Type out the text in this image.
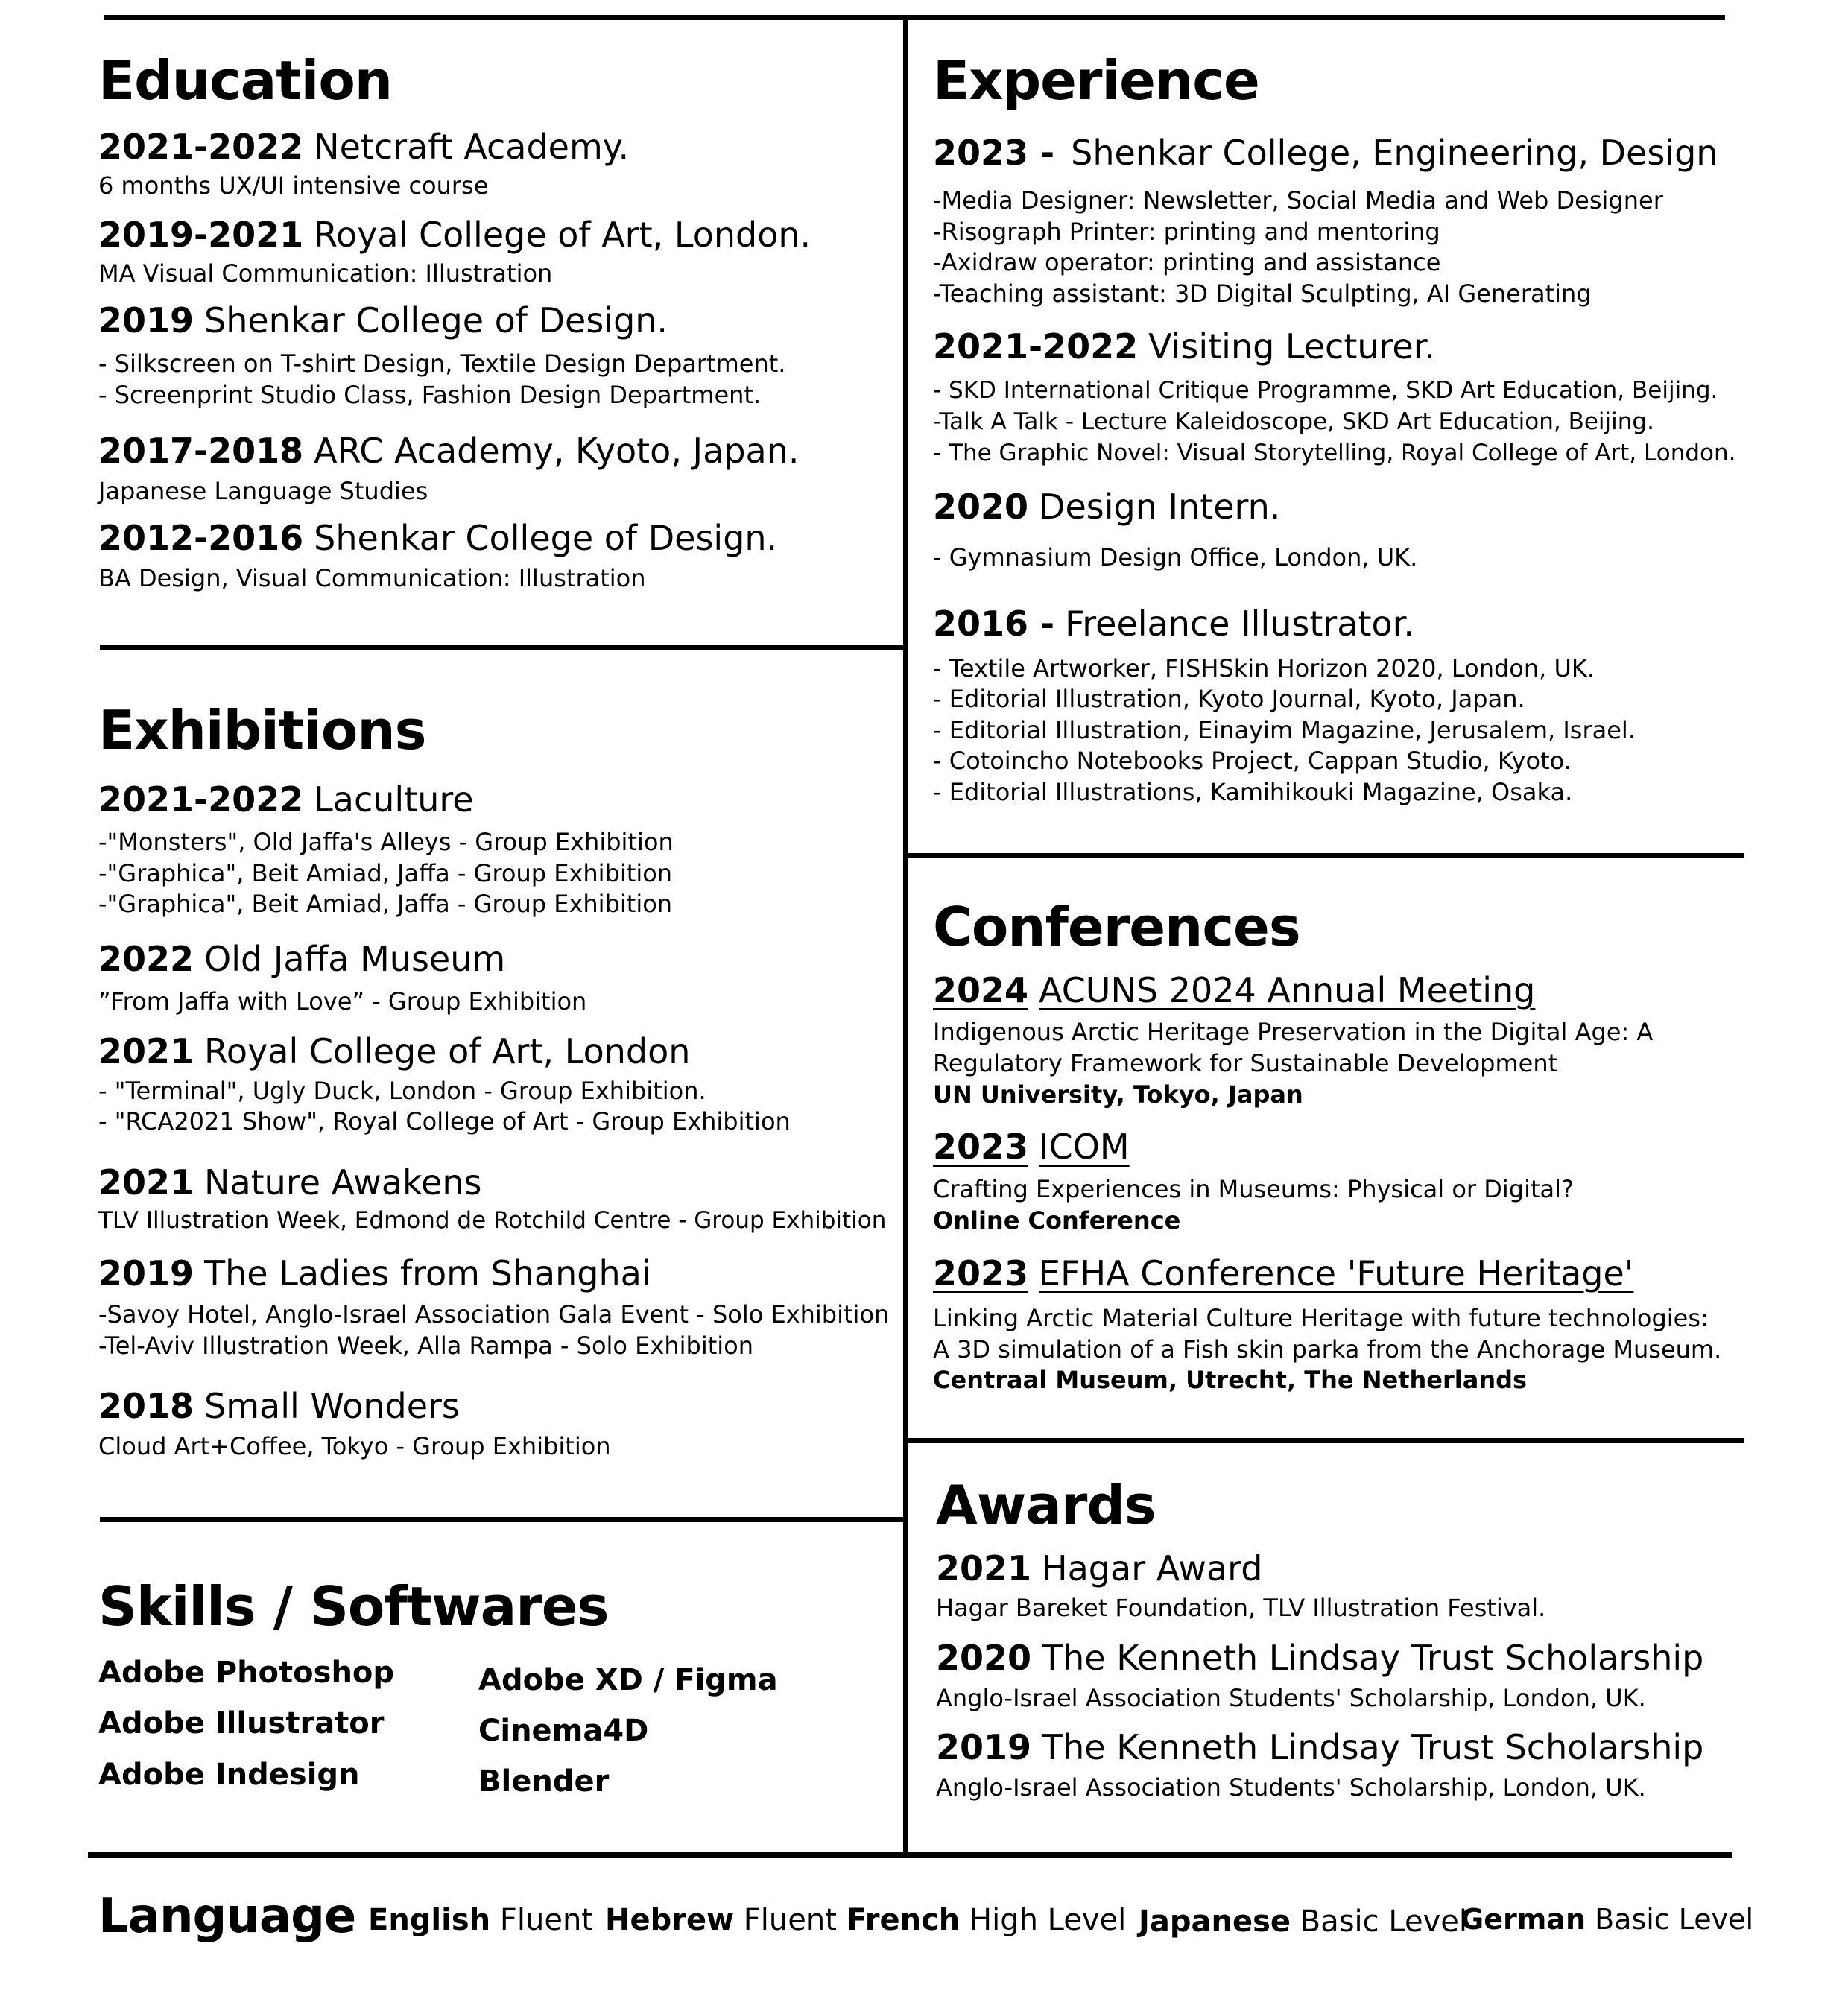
Education
2021-2022 Netcraft Academy.
6 months UX/UI intensive course
2019-2021 Royal College of Art, London.
MA Visual Communication: Illustration
2019 Shenkar College of Design.
- Silkscreen on T-shirt Design, Textile Design Department.
- Screenprint Studio Class, Fashion Design Department.
2017-2018 ARC Academy, Kyoto, Japan.
Japanese Language Studies
2012-2016 Shenkar College of Design.
BA Design, Visual Communication: Illustration
Exhibitions
2021-2022 Laculture
-"Monsters", Old Jaffa's Alleys - Group Exhibition
-"Graphica", Beit Amiad, Jaffa - Group Exhibition
-"Graphica", Beit Amiad, Jaffa - Group Exhibition
2022 Old Jaffa Museum
”From Jaffa with Love” - Group Exhibition
2021 Royal College of Art, London
- "Terminal", Ugly Duck, London - Group Exhibition.
- "RCA2021 Show", Royal College of Art - Group Exhibition
2021 Nature Awakens
TLV Illustration Week, Edmond de Rotchild Centre - Group Exhibition
2019 The Ladies from Shanghai
-Savoy Hotel, Anglo-Israel Association Gala Event - Solo Exhibition
-Tel-Aviv Illustration Week, Alla Rampa - Solo Exhibition
2018 Small Wonders
Cloud Art+Coffee, Tokyo - Group Exhibition
Skills / Softwares
Adobe Photoshop
Adobe Illustrator
Adobe Indesign
Adobe XD / Figma
Cinema4D
Blender
Experience
2023 - Shenkar College, Engineering, Design
-Media Designer: Newsletter, Social Media and Web Designer
-Risograph Printer: printing and mentoring
-Axidraw operator: printing and assistance
-Teaching assistant: 3D Digital Sculpting, AI Generating
2021-2022 Visiting Lecturer.
- SKD International Critique Programme, SKD Art Education, Beijing.
-Talk A Talk - Lecture Kaleidoscope, SKD Art Education, Beijing.
- The Graphic Novel: Visual Storytelling, Royal College of Art, London.
2020 Design Intern.
- Gymnasium Design Office, London, UK.
2016 - Freelance Illustrator.
- Textile Artworker, FISHSkin Horizon 2020, London, UK.
- Editorial Illustration, Kyoto Journal, Kyoto, Japan.
- Editorial Illustration, Einayim Magazine, Jerusalem, Israel.
- Cotoincho Notebooks Project, Cappan Studio, Kyoto.
- Editorial Illustrations, Kamihikouki Magazine, Osaka.
Conferences
2024 ACUNS 2024 Annual Meeting
Indigenous Arctic Heritage Preservation in the Digital Age: A
Regulatory Framework for Sustainable Development
UN University, Tokyo, Japan
2023 ICOM
Crafting Experiences in Museums: Physical or Digital?
Online Conference
2023 EFHA Conference 'Future Heritage'
Linking Arctic Material Culture Heritage with future technologies:
A 3D simulation of a Fish skin parka from the Anchorage Museum.
Centraal Museum, Utrecht, The Netherlands
Awards
2021 Hagar Award
Hagar Bareket Foundation, TLV Illustration Festival.
2020 The Kenneth Lindsay Trust Scholarship
Anglo-Israel Association Students' Scholarship, London, UK.
2019 The Kenneth Lindsay Trust Scholarship
Anglo-Israel Association Students' Scholarship, London, UK.
Language English Fluent Hebrew Fluent French High Level Japanese Basic Level
German Basic Level
